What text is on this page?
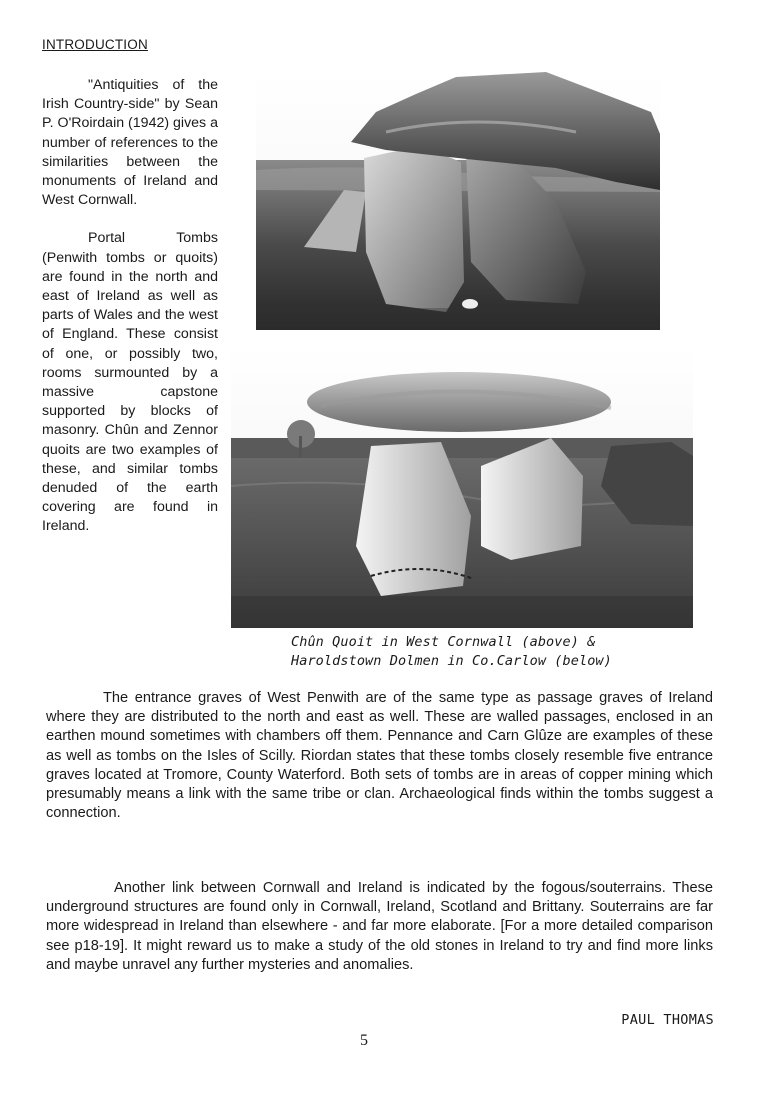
INTRODUCTION

"Antiquities of the Irish Country-side" by Sean P. O'Roirdain (1942) gives a number of references to the similarities between the monuments of Ireland and West Cornwall.

Portal Tombs (Penwith tombs or quoits) are found in the north and east of Ireland as well as parts of Wales and the west of England. These consist of one, or possibly two, rooms surmounted by a massive capstone supported by blocks of masonry. Chûn and Zennor quoits are two examples of these, and similar tombs denuded of the earth covering are found in Ireland.

Chûn Quoit in West Cornwall (above) &
Haroldstown Dolmen in Co.Carlow (below)

The entrance graves of West Penwith are of the same type as passage graves of Ireland where they are distributed to the north and east as well. These are walled passages, enclosed in an earthen mound sometimes with chambers off them. Pennance and Carn Glûze are examples of these as well as tombs on the Isles of Scilly. Riordan states that these tombs closely resemble five entrance graves located at Tromore, County Waterford. Both sets of tombs are in areas of copper mining which presumably means a link with the same tribe or clan. Archaeological finds within the tombs suggest a connection.

Another link between Cornwall and Ireland is indicated by the fogous/souterrains. These underground structures are found only in Cornwall, Ireland, Scotland and Brittany. Souterrains are far more widespread in Ireland than elsewhere - and far more elaborate. [For a more detailed comparison see p18-19]. It might reward us to make a study of the old stones in Ireland to try and find more links and maybe unravel any further mysteries and anomalies.

PAUL THOMAS
5
